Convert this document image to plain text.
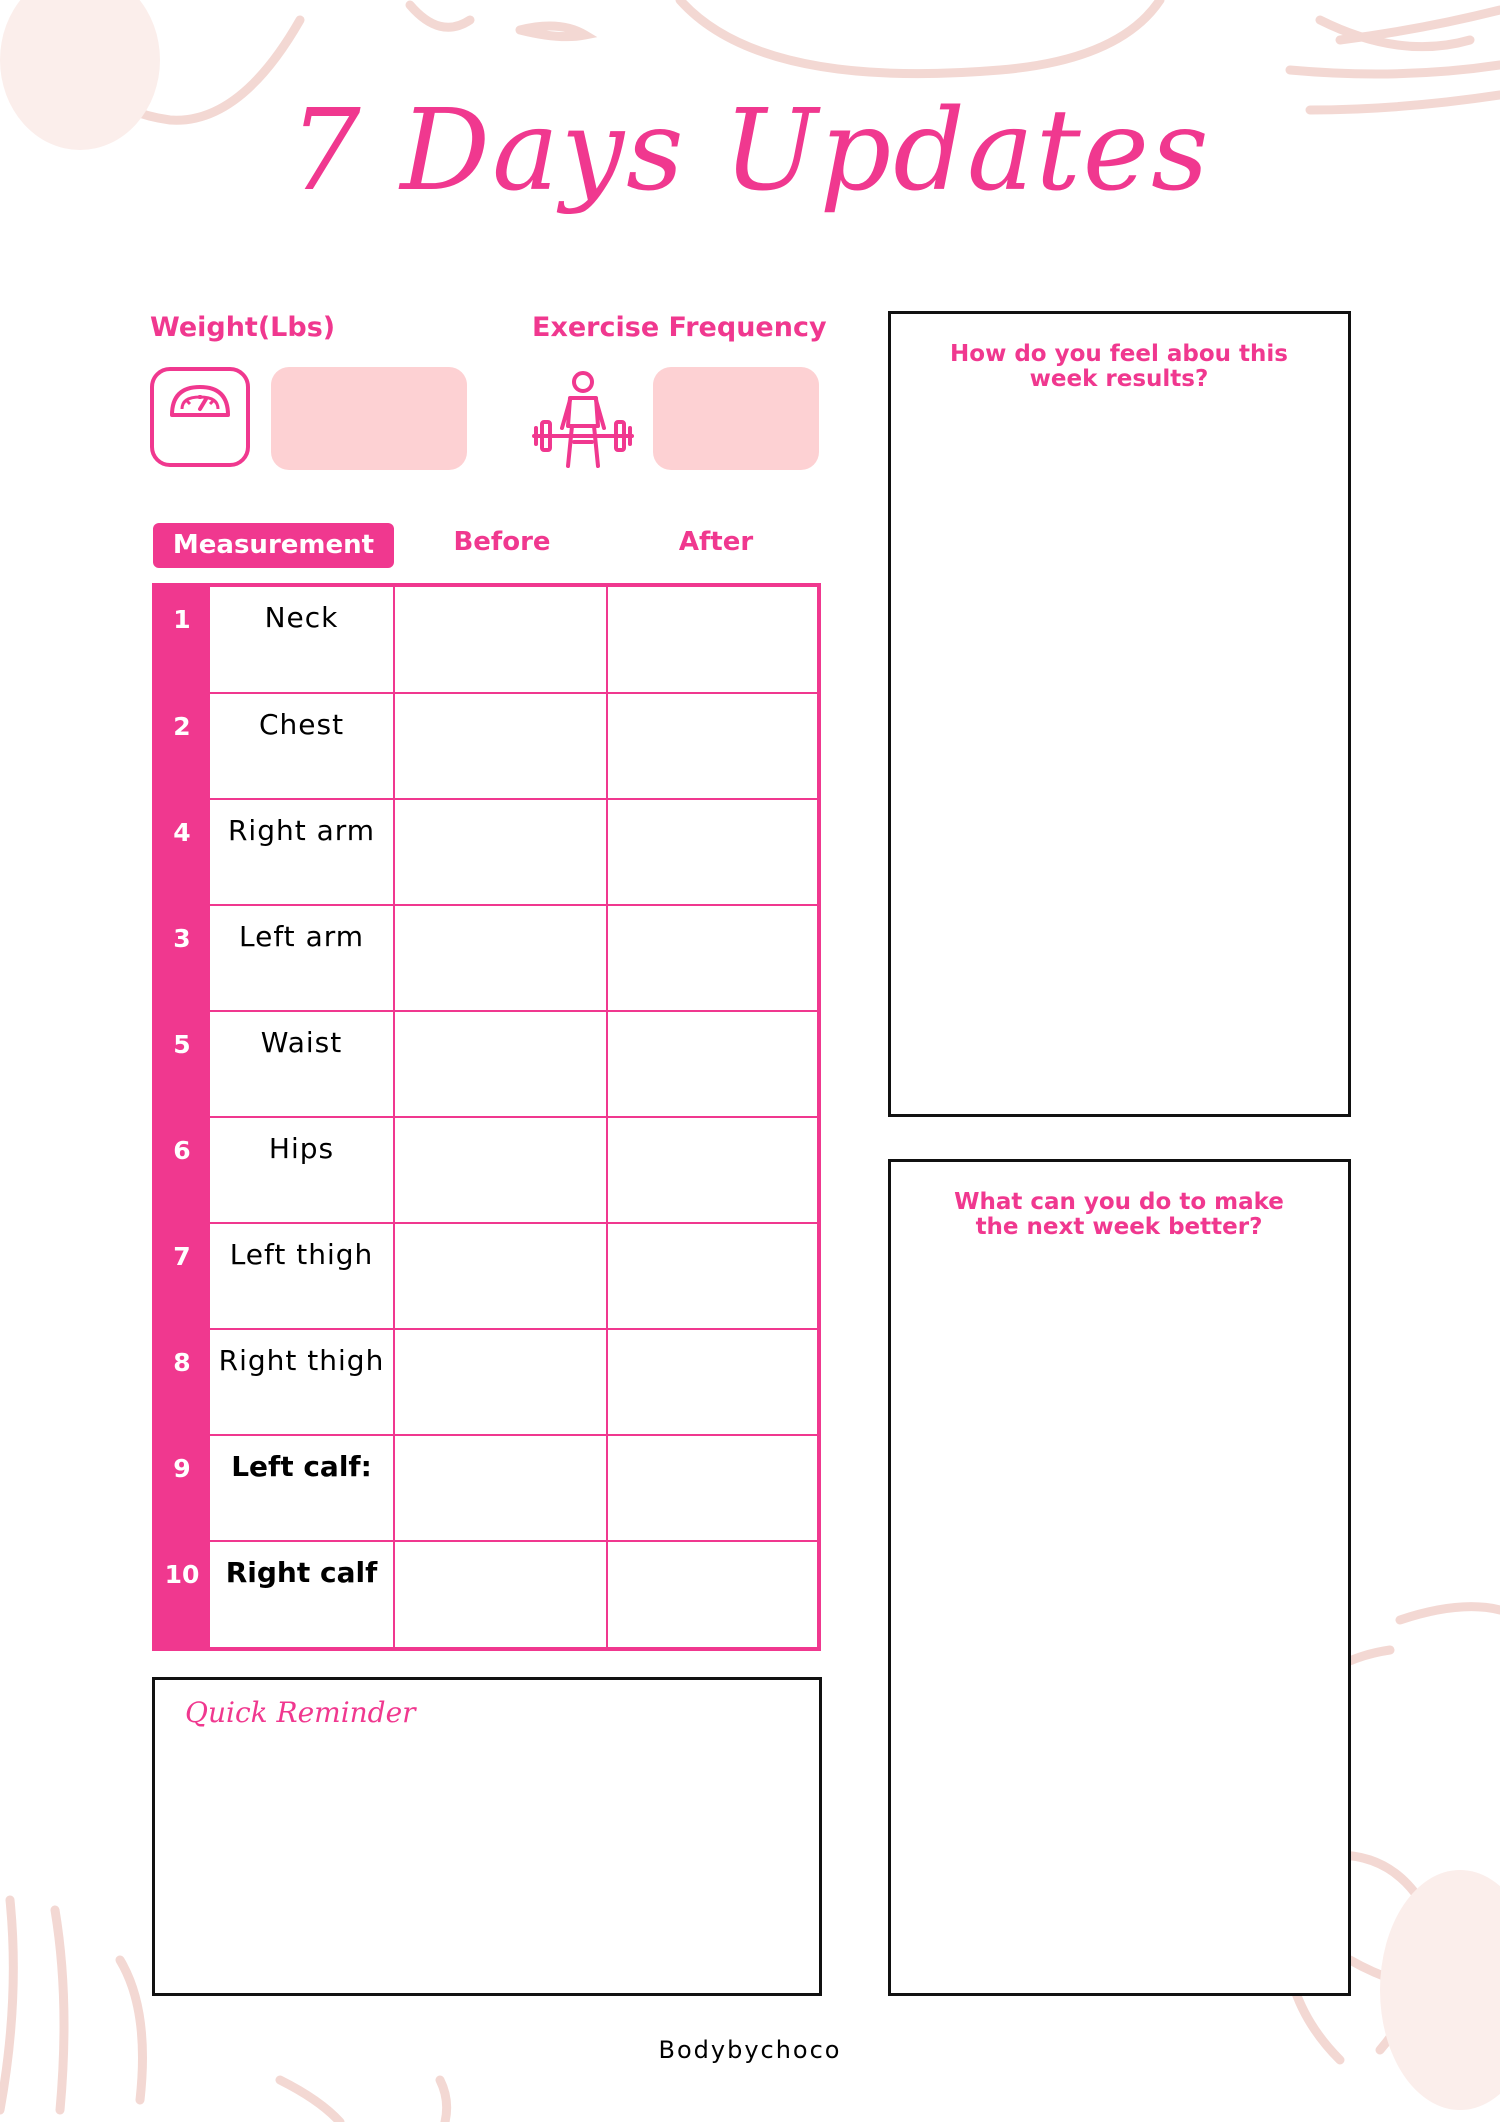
7 Days Updates
Weight(Lbs)	Exercise Frequency
Measurement	Before	After
1	Neck		
2	Chest		
4	Right arm		
3	Left arm		
5	Waist		
6	Hips		
7	Left thigh		
8	Right thigh		
9	Left calf:		
10	Right calf		
Quick Reminder
How do you feel abou this
week results?
What can you do to make
the next week better?
Bodybychoco
